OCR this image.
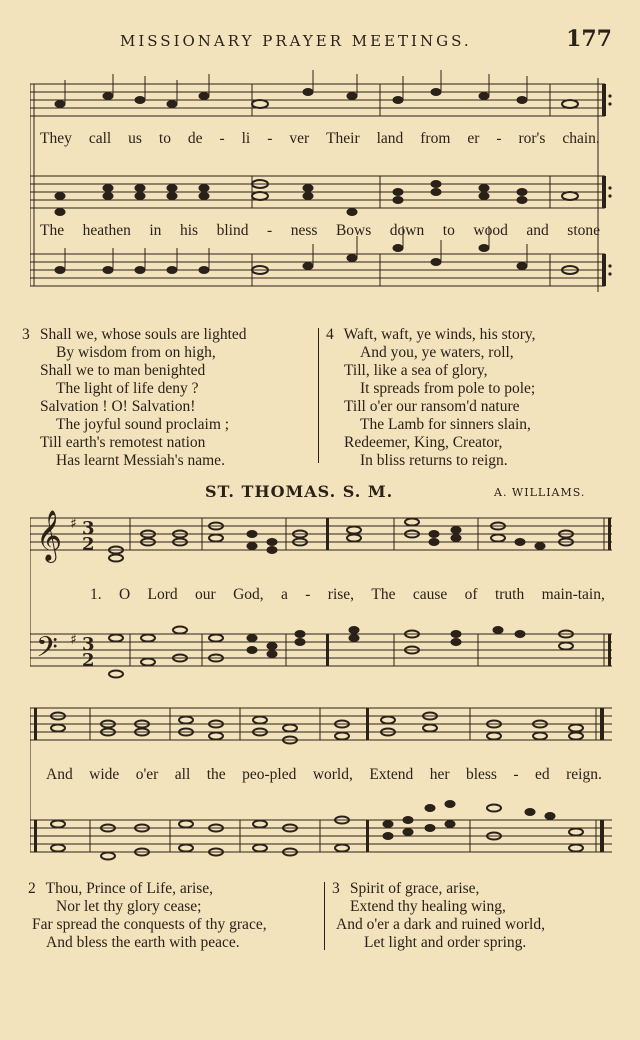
MISSIONARY PRAYER MEETINGS.	177
They call us to de - li - ver Their land from er - ror's chain.
The heathen in his blind - ness Bows down to wood and stone
3 Shall we, whose souls are lighted
By wisdom from on high,
Shall we to man benighted
The light of life deny ?
Salvation ! O! Salvation!
The joyful sound proclaim ;
Till earth's remotest nation
Has learnt Messiah's name.
4 Waft, waft, ye winds, his story,
And you, ye waters, roll,
Till, like a sea of glory,
It spreads from pole to pole;
Till o'er our ransom'd nature
The Lamb for sinners slain,
Redeemer, King, Creator,
In bliss returns to reign.
ST. THOMAS. S. M.	A. WILLIAMS.
𝄞
𝄢
♯
♯
3
2
3
2
1. O Lord our God, a - rise, The cause of truth main-tain,
And wide o'er all the peo-pled world, Extend her bless - ed reign.
2 Thou, Prince of Life, arise,
Nor let thy glory cease;
Far spread the conquests of thy grace,
And bless the earth with peace.
3 Spirit of grace, arise,
Extend thy healing wing,
And o'er a dark and ruined world,
Let light and order spring.
